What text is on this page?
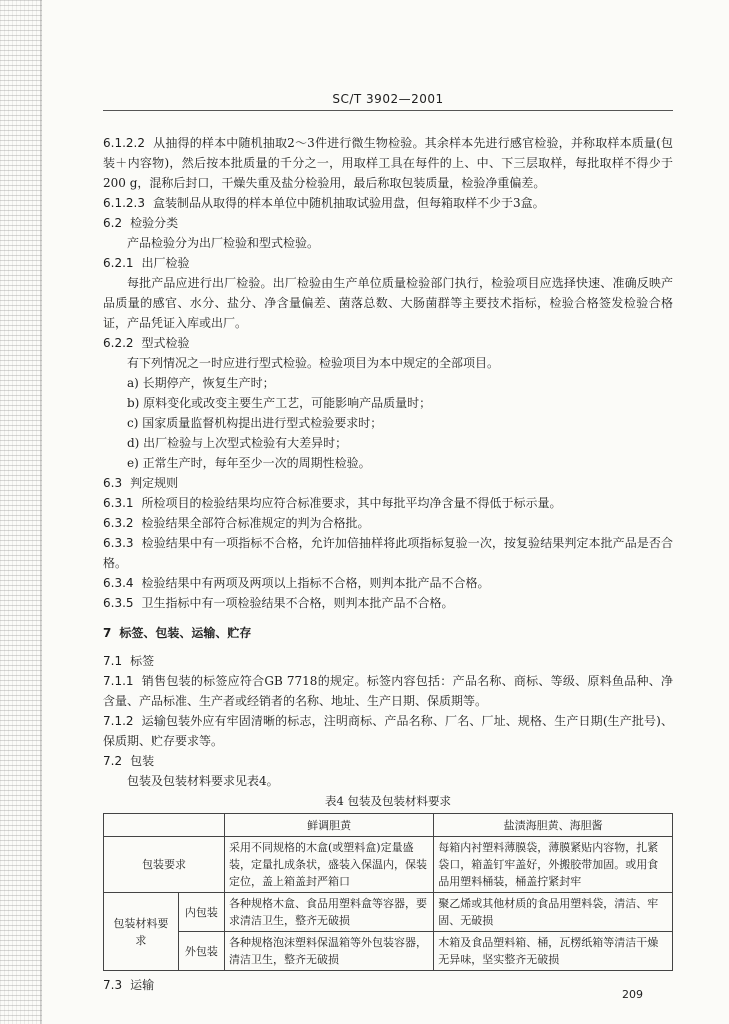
SC/T 3902—2001

6.1.2.2 从抽得的样本中随机抽取2～3件进行微生物检验。其余样本先进行感官检验，并称取样本质量(包装＋内容物)，然后按本批质量的千分之一，用取样工具在每件的上、中、下三层取样，每批取样不得少于200 g，混称后封口，干燥失重及盐分检验用，最后称取包装质量，检验净重偏差。

6.1.2.3 盒装制品从取得的样本单位中随机抽取试验用盘，但每箱取样不少于3盒。

6.2 检验分类

产品检验分为出厂检验和型式检验。

6.2.1 出厂检验

每批产品应进行出厂检验。出厂检验由生产单位质量检验部门执行，检验项目应选择快速、准确反映产品质量的感官、水分、盐分、净含量偏差、菌落总数、大肠菌群等主要技术指标，检验合格签发检验合格证，产品凭证入库或出厂。

6.2.2 型式检验

有下列情况之一时应进行型式检验。检验项目为本中规定的全部项目。

a) 长期停产，恢复生产时；

b) 原料变化或改变主要生产工艺，可能影响产品质量时；

c) 国家质量监督机构提出进行型式检验要求时；

d) 出厂检验与上次型式检验有大差异时；

e) 正常生产时，每年至少一次的周期性检验。

6.3 判定规则

6.3.1 所检项目的检验结果均应符合标准要求，其中每批平均净含量不得低于标示量。

6.3.2 检验结果全部符合标准规定的判为合格批。

6.3.3 检验结果中有一项指标不合格，允许加倍抽样将此项指标复验一次，按复验结果判定本批产品是否合格。

6.3.4 检验结果中有两项及两项以上指标不合格，则判本批产品不合格。

6.3.5 卫生指标中有一项检验结果不合格，则判本批产品不合格。

7 标签、包装、运输、贮存

7.1 标签

7.1.1 销售包装的标签应符合GB 7718的规定。标签内容包括：产品名称、商标、等级、原料鱼品种、净含量、产品标准、生产者或经销者的名称、地址、生产日期、保质期等。

7.1.2 运输包装外应有牢固清晰的标志，注明商标、产品名称、厂名、厂址、规格、生产日期(生产批号)、保质期、贮存要求等。

7.2 包装

包装及包装材料要求见表4。

表4 包装及包装材料要求
		鲜调胆黄	盐渍海胆黄、海胆酱
包装要求		采用不同规格的木盒(或塑料盒)定量盛装，定量扎成条状，盛装入保温内，保装定位，盖上箱盖封严箱口	每箱内衬塑料薄膜袋，薄膜紧贴内容物，扎紧袋口，箱盖钉牢盖好，外搬胶带加固。或用食品用塑料桶装，桶盖拧紧封牢
包装材料要求	内包装	各种规格木盒、食品用塑料盒等容器，要求清洁卫生，整齐无破损	聚乙烯或其他材质的食品用塑料袋，清洁、牢固、无破损
	外包装	各种规格泡沫塑料保温箱等外包装容器，清洁卫生，整齐无破损	木箱及食品塑料箱、桶，瓦楞纸箱等清洁干燥无异味，坚实整齐无破损

7.3 运输

209
